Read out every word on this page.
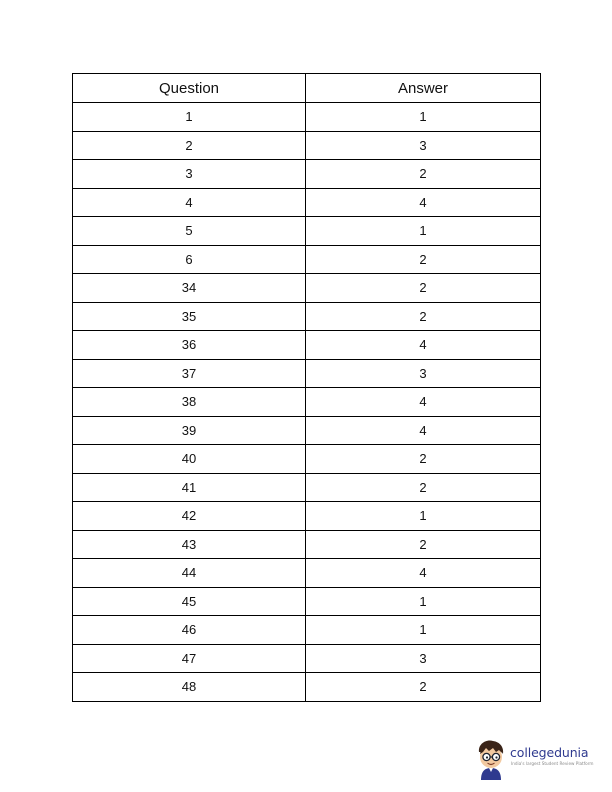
Question	Answer
1	1
2	3
3	2
4	4
5	1
6	2
34	2
35	2
36	4
37	3
38	4
39	4
40	2
41	2
42	1
43	2
44	4
45	1
46	1
47	3
48	2
collegedunia
India's largest Student Review Platform
